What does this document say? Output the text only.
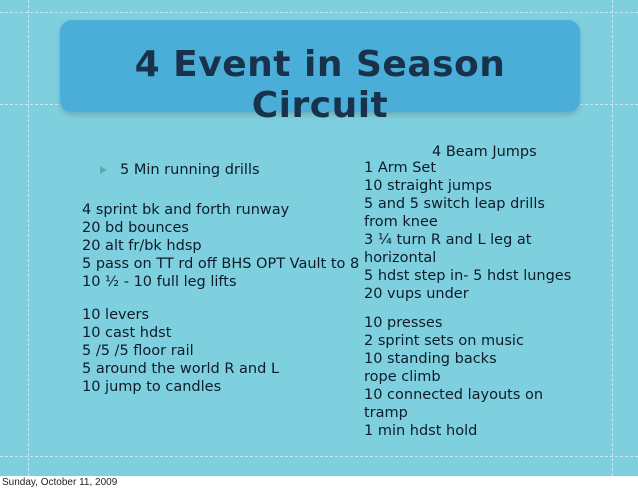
4 Event in Season Circuit
5 Min running drills
4 sprint bk and forth runway
20 bd bounces
20 alt fr/bk hdsp
5 pass on TT rd off BHS OPT Vault to 8
10 ½ - 10 full leg lifts
10 levers
10 cast hdst
5 /5 /5 floor rail
5 around the world R and L
10 jump to candles
4 Beam Jumps
1 Arm Set
10 straight jumps
5 and 5 switch leap drills
from knee
3 ¼ turn R and L leg at
horizontal
5 hdst step in- 5 hdst lunges
20 vups under
10 presses
2 sprint sets on music
10 standing backs
rope climb
10 connected layouts on
tramp
1 min hdst hold
Sunday, October 11, 2009
